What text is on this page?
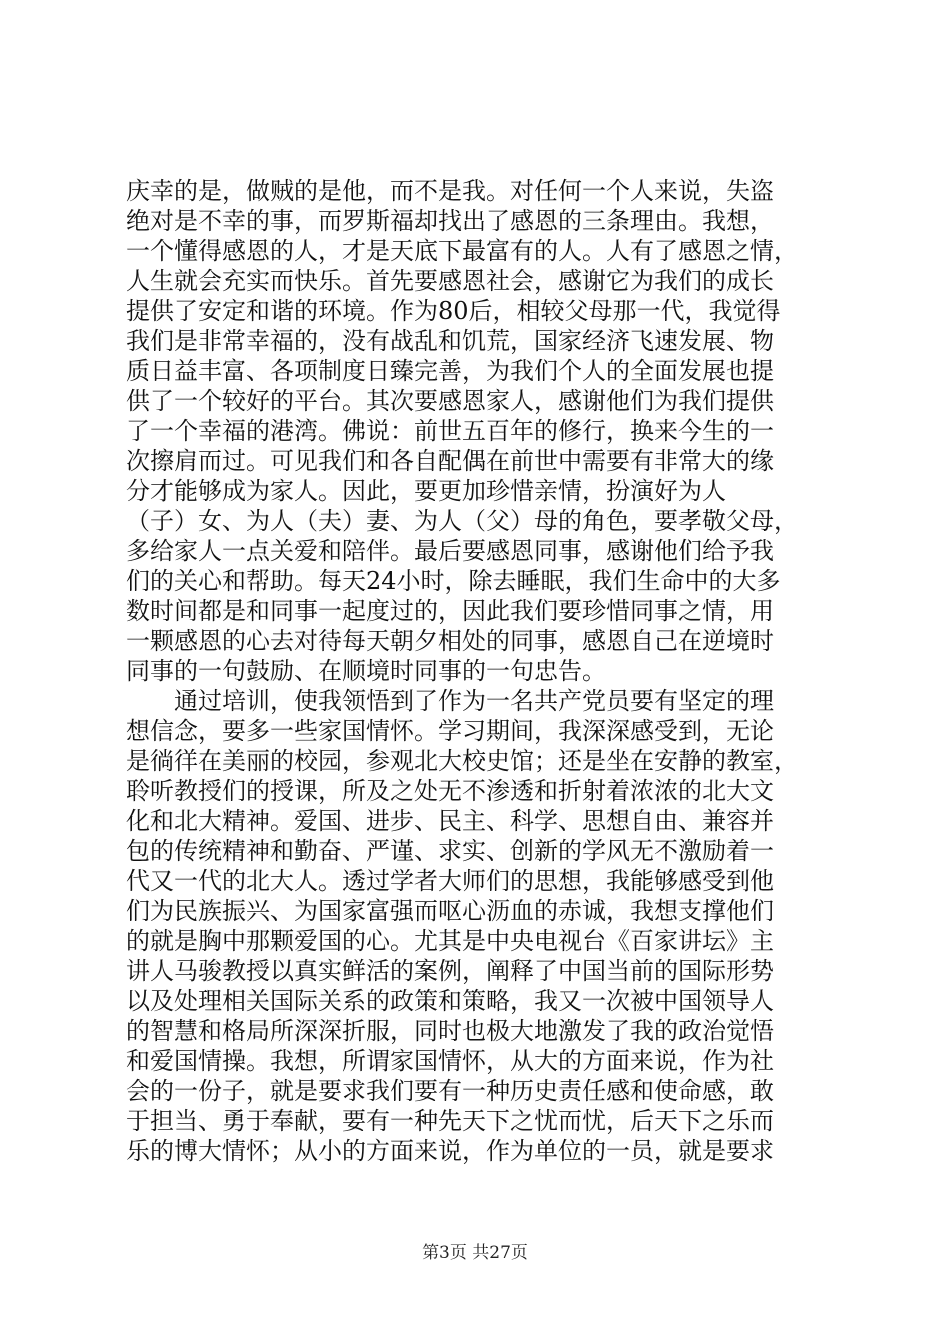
庆幸的是，做贼的是他，而不是我。对任何一个人来说，失盗
绝对是不幸的事，而罗斯福却找出了感恩的三条理由。我想，
一个懂得感恩的人，才是天底下最富有的人。人有了感恩之情，
人生就会充实而快乐。首先要感恩社会，感谢它为我们的成长
提供了安定和谐的环境。作为80后，相较父母那一代，我觉得
我们是非常幸福的，没有战乱和饥荒，国家经济飞速发展、物
质日益丰富、各项制度日臻完善，为我们个人的全面发展也提
供了一个较好的平台。其次要感恩家人，感谢他们为我们提供
了一个幸福的港湾。佛说：前世五百年的修行，换来今生的一
次擦肩而过。可见我们和各自配偶在前世中需要有非常大的缘
分才能够成为家人。因此，要更加珍惜亲情，扮演好为人
（子）女、为人（夫）妻、为人（父）母的角色，要孝敬父母，
多给家人一点关爱和陪伴。最后要感恩同事，感谢他们给予我
们的关心和帮助。每天24小时，除去睡眠，我们生命中的大多
数时间都是和同事一起度过的，因此我们要珍惜同事之情，用
一颗感恩的心去对待每天朝夕相处的同事，感恩自己在逆境时
同事的一句鼓励、在顺境时同事的一句忠告。
　　通过培训，使我领悟到了作为一名共产党员要有坚定的理
想信念，要多一些家国情怀。学习期间，我深深感受到，无论
是徜徉在美丽的校园，参观北大校史馆；还是坐在安静的教室，
聆听教授们的授课，所及之处无不渗透和折射着浓浓的北大文
化和北大精神。爱国、进步、民主、科学、思想自由、兼容并
包的传统精神和勤奋、严谨、求实、创新的学风无不激励着一
代又一代的北大人。透过学者大师们的思想，我能够感受到他
们为民族振兴、为国家富强而呕心沥血的赤诚，我想支撑他们
的就是胸中那颗爱国的心。尤其是中央电视台《百家讲坛》主
讲人马骏教授以真实鲜活的案例，阐释了中国当前的国际形势
以及处理相关国际关系的政策和策略，我又一次被中国领导人
的智慧和格局所深深折服，同时也极大地激发了我的政治觉悟
和爱国情操。我想，所谓家国情怀，从大的方面来说，作为社
会的一份子，就是要求我们要有一种历史责任感和使命感，敢
于担当、勇于奉献，要有一种先天下之忧而忧，后天下之乐而
乐的博大情怀；从小的方面来说，作为单位的一员，就是要求
第3页 共27页
